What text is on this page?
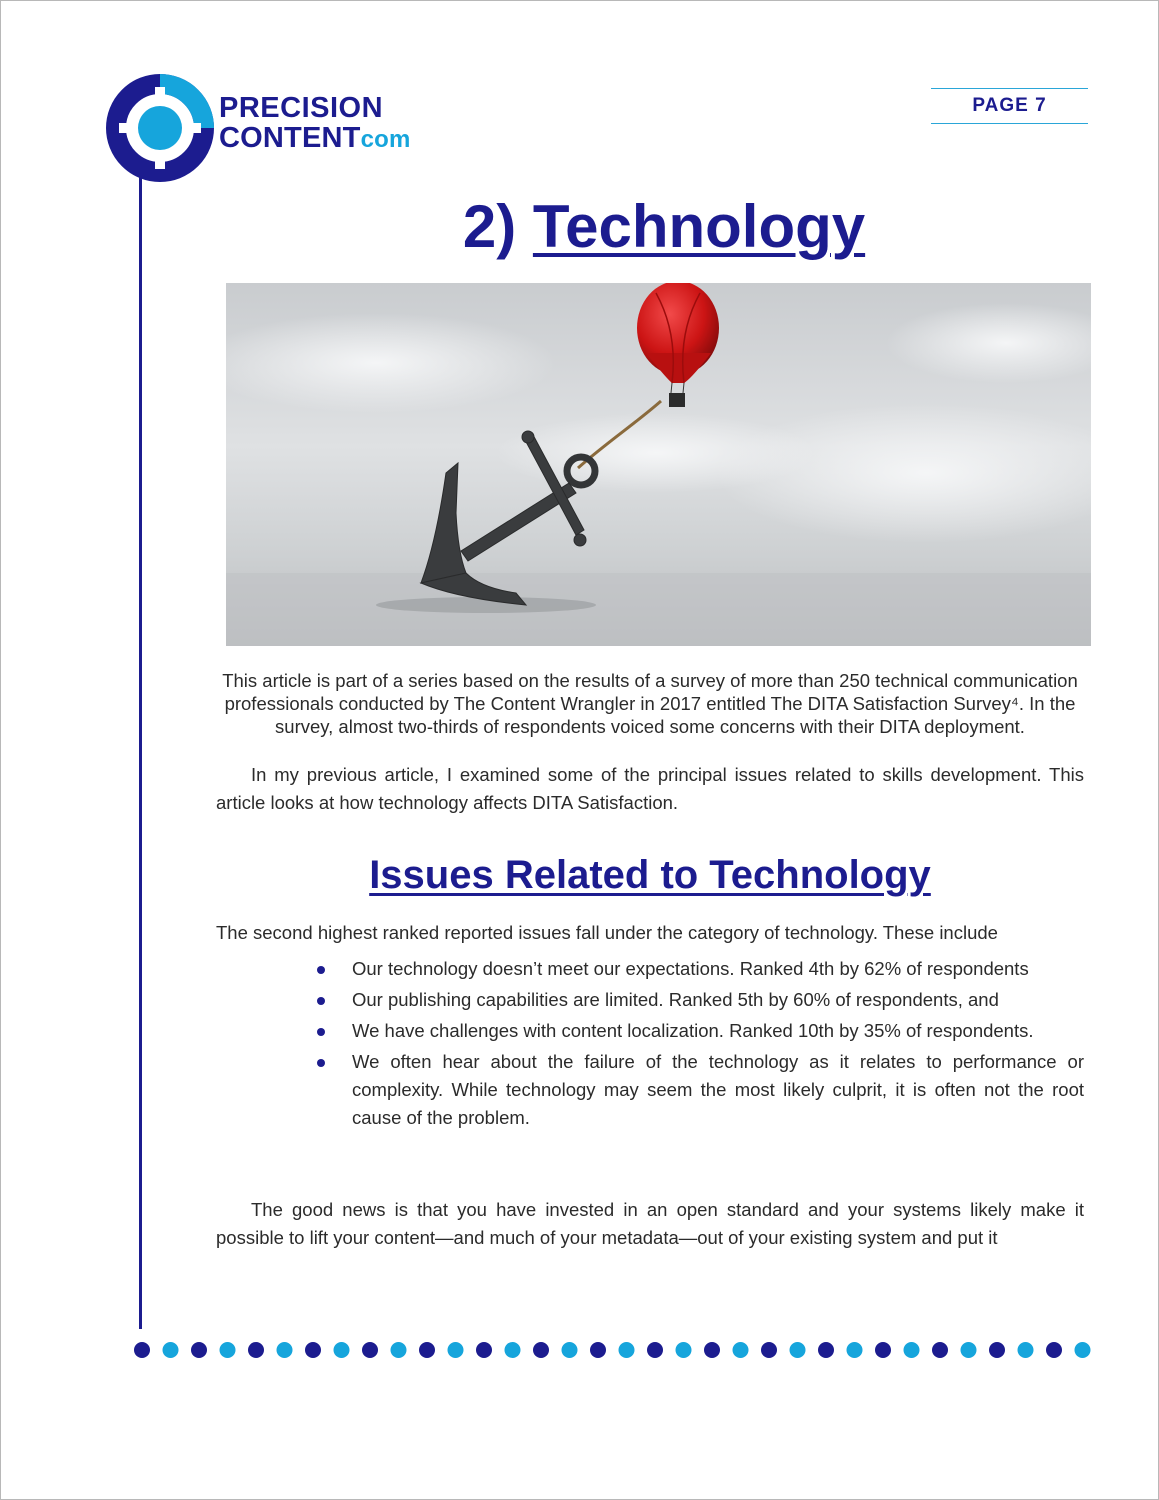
PRECISION
CONTENTcom
PAGE 7
2) Technology

This article is part of a series based on the results of a survey of more than 250 technical communication professionals conducted by The Content Wrangler in 2017 entitled The DITA Satisfaction Survey⁴. In the survey, almost two-thirds of respondents voiced some concerns with their DITA deployment.

In my previous article, I examined some of the principal issues related to skills development. This article looks at how technology affects DITA Satisfaction.

Issues Related to Technology

The second highest ranked reported issues fall under the category of technology. These include

Our technology doesn’t meet our expectations. Ranked 4th by 62% of respondents
Our publishing capabilities are limited. Ranked 5th by 60% of respondents, and
We have challenges with content localization. Ranked 10th by 35% of respondents.
We often hear about the failure of the technology as it relates to performance or complexity. While technology may seem the most likely culprit, it is often not the root cause of the problem.

The good news is that you have invested in an open standard and your systems likely make it possible to lift your content—and much of your metadata—out of your existing system and put it
